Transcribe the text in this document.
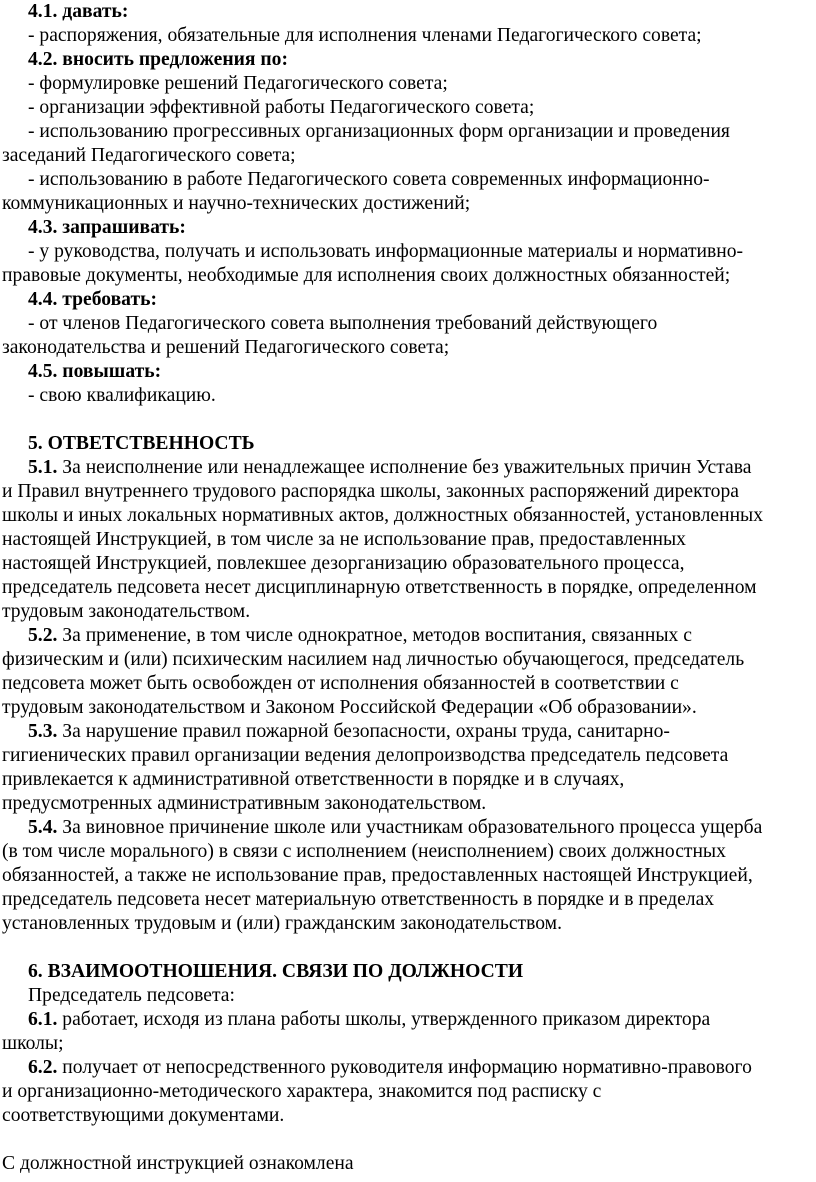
4.1. давать:

- распоряжения, обязательные для исполнения членами Педагогического совета;

4.2. вносить предложения по:

- формулировке решений Педагогического совета;

- организации эффективной работы Педагогического совета;

- использованию прогрессивных организационных форм организации и проведения

заседаний Педагогического совета;

- использованию в работе Педагогического совета современных информационно-

коммуникационных и научно-технических достижений;

4.3. запрашивать:

- у руководства, получать и использовать информационные материалы и нормативно-

правовые документы, необходимые для исполнения своих должностных обязанностей;

4.4. требовать:

- от членов Педагогического совета выполнения требований действующего

законодательства и решений Педагогического совета;

4.5. повышать:

- свою квалификацию.

5. ОТВЕТСТВЕННОСТЬ

5.1. За неисполнение или ненадлежащее исполнение без уважительных причин Устава

и Правил внутреннего трудового распорядка школы, законных распоряжений директора

школы и иных локальных нормативных актов, должностных обязанностей, установленных

настоящей Инструкцией, в том числе за не использование прав, предоставленных

настоящей Инструкцией, повлекшее дезорганизацию образовательного процесса,

председатель педсовета несет дисциплинарную ответственность в порядке, определенном

трудовым законодательством.

5.2. За применение, в том числе однократное, методов воспитания, связанных с

физическим и (или) психическим насилием над личностью обучающегося, председатель

педсовета может быть освобожден от исполнения обязанностей в соответствии с

трудовым законодательством и Законом Российской Федерации «Об образовании».

5.3. За нарушение правил пожарной безопасности, охраны труда, санитарно-

гигиенических правил организации ведения делопроизводства председатель педсовета

привлекается к административной ответственности в порядке и в случаях,

предусмотренных административным законодательством.

5.4. За виновное причинение школе или участникам образовательного процесса ущерба

(в том числе морального) в связи с исполнением (неисполнением) своих должностных

обязанностей, а также не использование прав, предоставленных настоящей Инструкцией,

председатель педсовета несет материальную ответственность в порядке и в пределах

установленных трудовым и (или) гражданским законодательством.

6. ВЗАИМООТНОШЕНИЯ. СВЯЗИ ПО ДОЛЖНОСТИ

Председатель педсовета:

6.1. работает, исходя из плана работы школы, утвержденного приказом директора

школы;

6.2. получает от непосредственного руководителя информацию нормативно-правового

и организационно-методического характера, знакомится под расписку с

соответствующими документами.

С должностной инструкцией ознакомлена
